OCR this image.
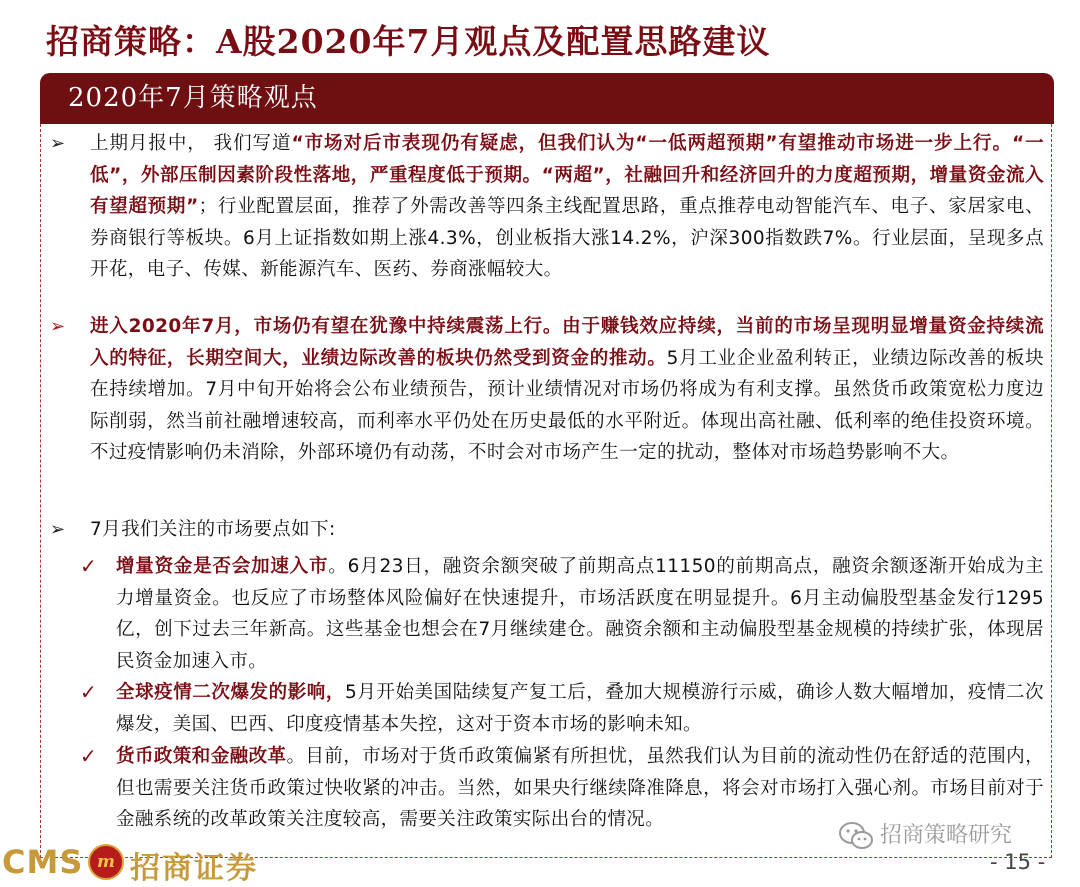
招商策略：A股2020年7月观点及配置思路建议
2020年7月策略观点
➢ 上期月报中， 我们写道“市场对后市表现仍有疑虑，但我们认为“一低两超预期”有望推动市场进一步上行。“一低”，外部压制因素阶段性落地，严重程度低于预期。“两超”，社融回升和经济回升的力度超预期，增量资金流入有望超预期”；行业配置层面，推荐了外需改善等四条主线配置思路，重点推荐电动智能汽车、电子、家居家电、券商银行等板块。6月上证指数如期上涨4.3%，创业板指大涨14.2%，沪深300指数跌7%。行业层面，呈现多点开花，电子、传媒、新能源汽车、医药、券商涨幅较大。
➢ 进入2020年7月，市场仍有望在犹豫中持续震荡上行。由于赚钱效应持续，当前的市场呈现明显增量资金持续流入的特征，长期空间大，业绩边际改善的板块仍然受到资金的推动。5月工业企业盈利转正，业绩边际改善的板块在持续增加。7月中旬开始将会公布业绩预告，预计业绩情况对市场仍将成为有利支撑。虽然货币政策宽松力度边际削弱，然当前社融增速较高，而利率水平仍处在历史最低的水平附近。体现出高社融、低利率的绝佳投资环境。不过疫情影响仍未消除，外部环境仍有动荡，不时会对市场产生一定的扰动，整体对市场趋势影响不大。
➢ 7月我们关注的市场要点如下:
✓ 增量资金是否会加速入市。6月23日，融资余额突破了前期高点11150的前期高点，融资余额逐渐开始成为主力增量资金。也反应了市场整体风险偏好在快速提升，市场活跃度在明显提升。6月主动偏股型基金发行1295亿，创下过去三年新高。这些基金也想会在7月继续建仓。融资余额和主动偏股型基金规模的持续扩张，体现居民资金加速入市。
✓ 全球疫情二次爆发的影响，5月开始美国陆续复产复工后，叠加大规模游行示威，确诊人数大幅增加，疫情二次爆发，美国、巴西、印度疫情基本失控，这对于资本市场的影响未知。
✓ 货币政策和金融改革。目前，市场对于货币政策偏紧有所担忧，虽然我们认为目前的流动性仍在舒适的范围内，但也需要关注货币政策过快收紧的冲击。当然，如果央行继续降准降息，将会对市场打入强心剂。市场目前对于金融系统的改革政策关注度较高，需要关注政策实际出台的情况。
招商策略研究
CMS m 招商证券	- 15 -
